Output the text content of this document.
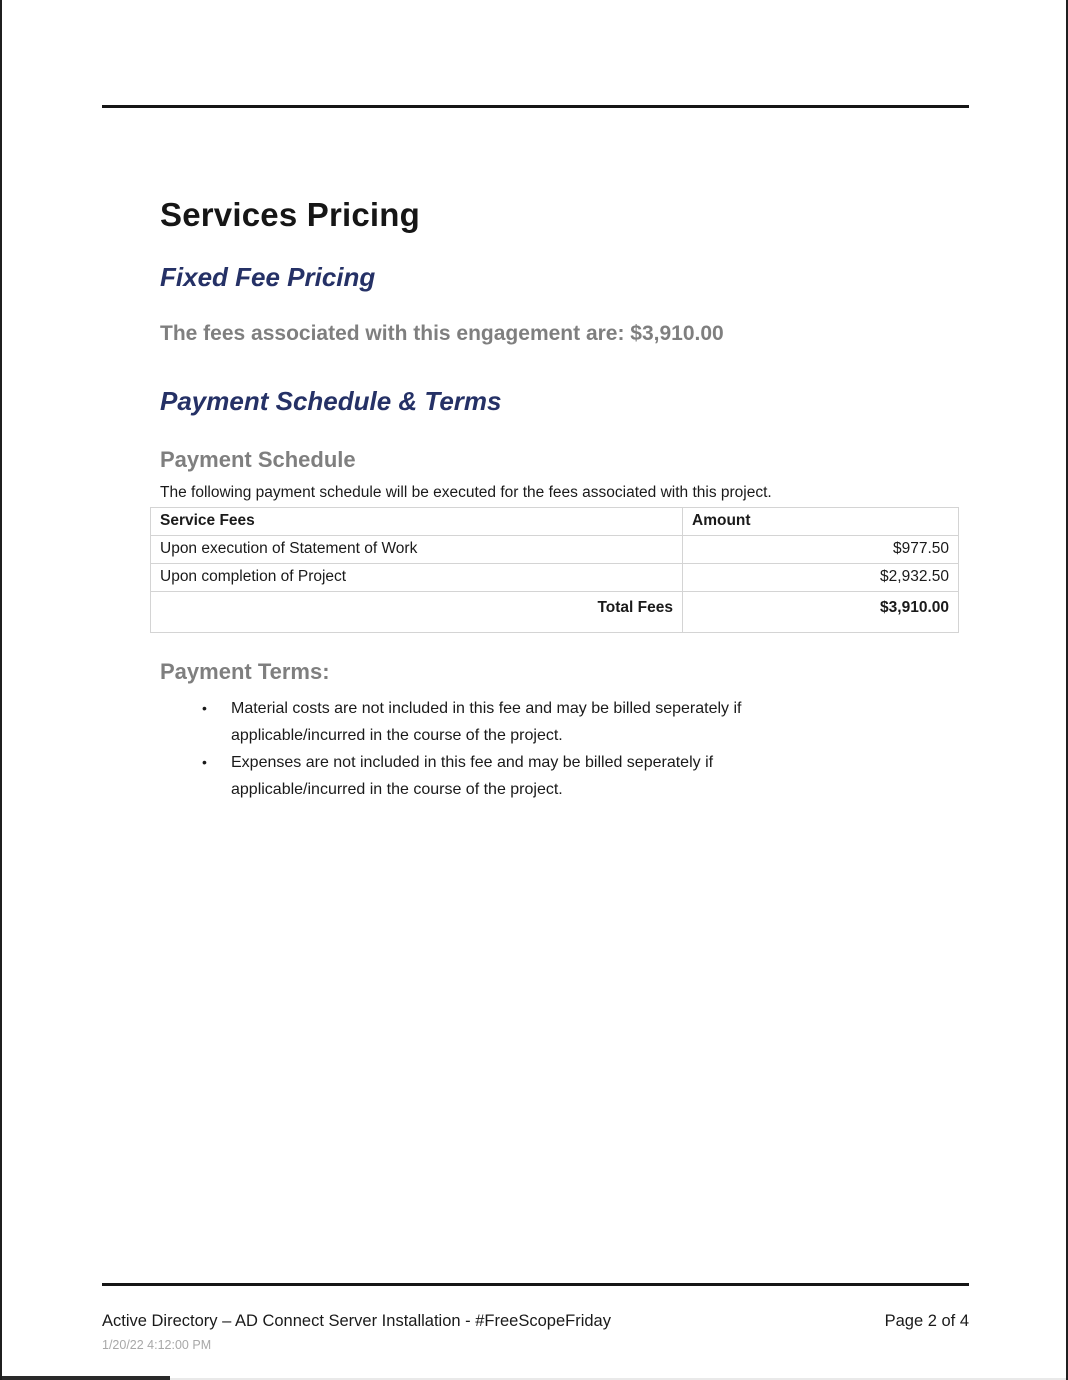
Services Pricing
Fixed Fee Pricing
The fees associated with this engagement are: $3,910.00
Payment Schedule & Terms
Payment Schedule
The following payment schedule will be executed for the fees associated with this project.
Service Fees	Amount
Upon execution of Statement of Work	$977.50
Upon completion of Project	$2,932.50
Total Fees	$3,910.00
Payment Terms:
•	Material costs are not included in this fee and may be billed seperately if
applicable/incurred in the course of the project.
•	Expenses are not included in this fee and may be billed seperately if
applicable/incurred in the course of the project.
Active Directory – AD Connect Server Installation - #FreeScopeFriday	Page 2 of 4
1/20/22 4:12:00 PM
